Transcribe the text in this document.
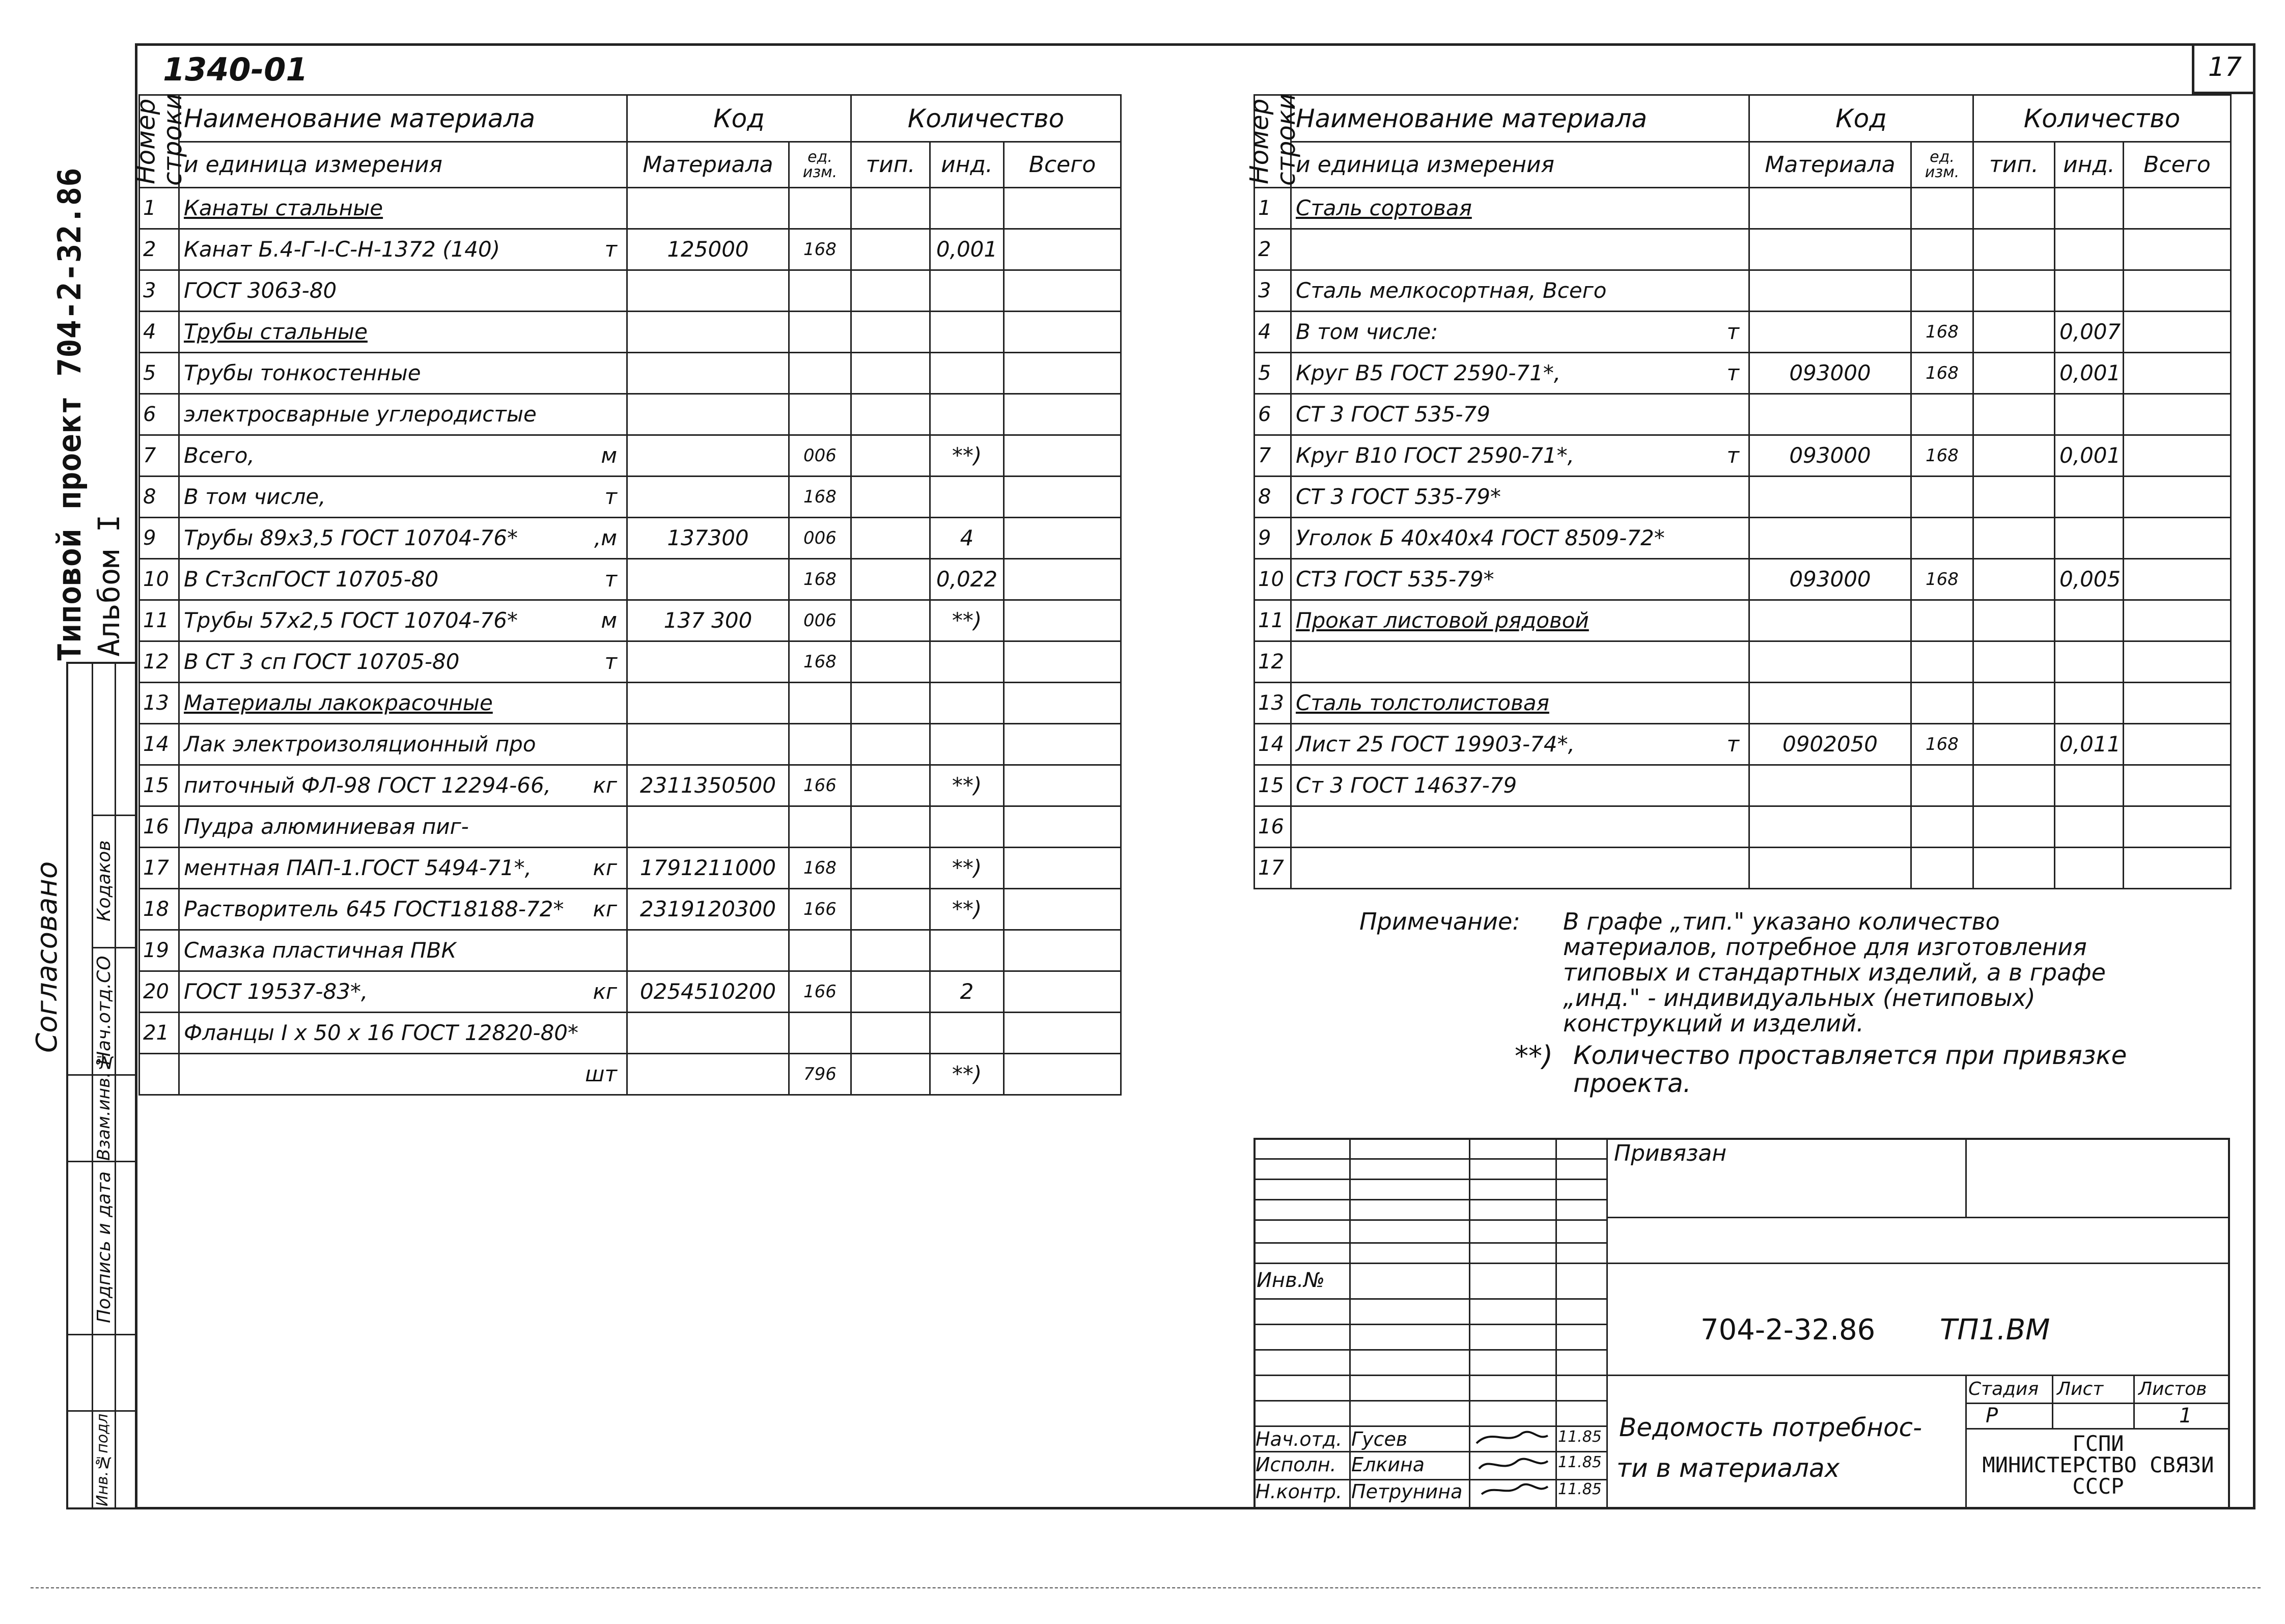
1340-01	17
Типовой проект 704-2-32.86 Альбом I
Согласовано Нач.отд.СО
Кодаков
Взам.инв.№
Подпись и дата
Инв.№подл
Номер строки	Наименование материала	Код		Количество		
	и единица измерения	Материала	ед. изм.	тип.	инд.	Всего
1	Канаты стальные

2	Канат Б.4-Г-I-С-Н-1372 (140) т	125000	168		0,001	
3	ГОСТ 3063-80

4	Трубы стальные

5	Трубы тонкостенные

6	электросварные углеродистые

7	Всего, м		006		**)	
8	В том числе, т		168			
9	Трубы 89х3,5 ГОСТ 10704-76* ,м	137300	006		4	
10	В Ст3спГОСТ 10705-80 т		168		0,022	
11	Трубы 57х2,5 ГОСТ 10704-76* м	137 300	006		**)	
12	В СТ 3 сп ГОСТ 10705-80 т		168			
13	Материалы лакокрасочные

14	Лак электроизоляционный про

15	питочный ФЛ-98 ГОСТ 12294-66, кг	2311350500	166		**)	
16	Пудра алюминиевая пиг-

17	ментная ПАП-1.ГОСТ 5494-71*, кг	1791211000	168		**)	
18	Растворитель 645 ГОСТ18188-72* кг	2319120300	166		**)	
19	Смазка пластичная ПВК

20	ГОСТ 19537-83*, кг	0254510200	166		2	
21	Фланцы I х 50 х 16 ГОСТ 12820-80*

	шт		796		**)	
Номер строки	Наименование материала	Код		Количество		
	и единица измерения	Материала	ед. изм.	тип.	инд.	Всего
1	Сталь сортовая

2	

3	Сталь мелкосортная, Всего

4	В том числе: т		168		0,007	
5	Круг В5 ГОСТ 2590-71*, т	093000	168		0,001	
6	СТ 3 ГОСТ 535-79

7	Круг В10 ГОСТ 2590-71*, т	093000	168		0,001	
8	СТ 3 ГОСТ 535-79*

9	Уголок Б 40х40х4 ГОСТ 8509-72*

10	СТ3 ГОСТ 535-79*	093000	168		0,005	
11	Прокат листовой рядовой

12	

13	Сталь толстолистовая

14	Лист 25 ГОСТ 19903-74*, т	0902050	168		0,011	
15	Ст 3 ГОСТ 14637-79

16	

17	

Примечание: В графе „тип." указано количество
материалов, потребное для изготовления
типовых и стандартных изделий, а в графе
„инд." - индивидуальных (нетиповых)
конструкций и изделий.
**) Количество проставляется при привязке
проекта.
Привязан
Инв.№
704-2-32.86 ТП1.ВМ
Стадия Лист Листов
Р	1
Ведомость потребнос-
ти в материалах
ГСПИ
МИНИСТЕРСТВО СВЯЗИ
СССР
Нач.отд. Гусев	11.85
Исполн. Елкина	11.85
Н.контр. Петрунина	11.85
